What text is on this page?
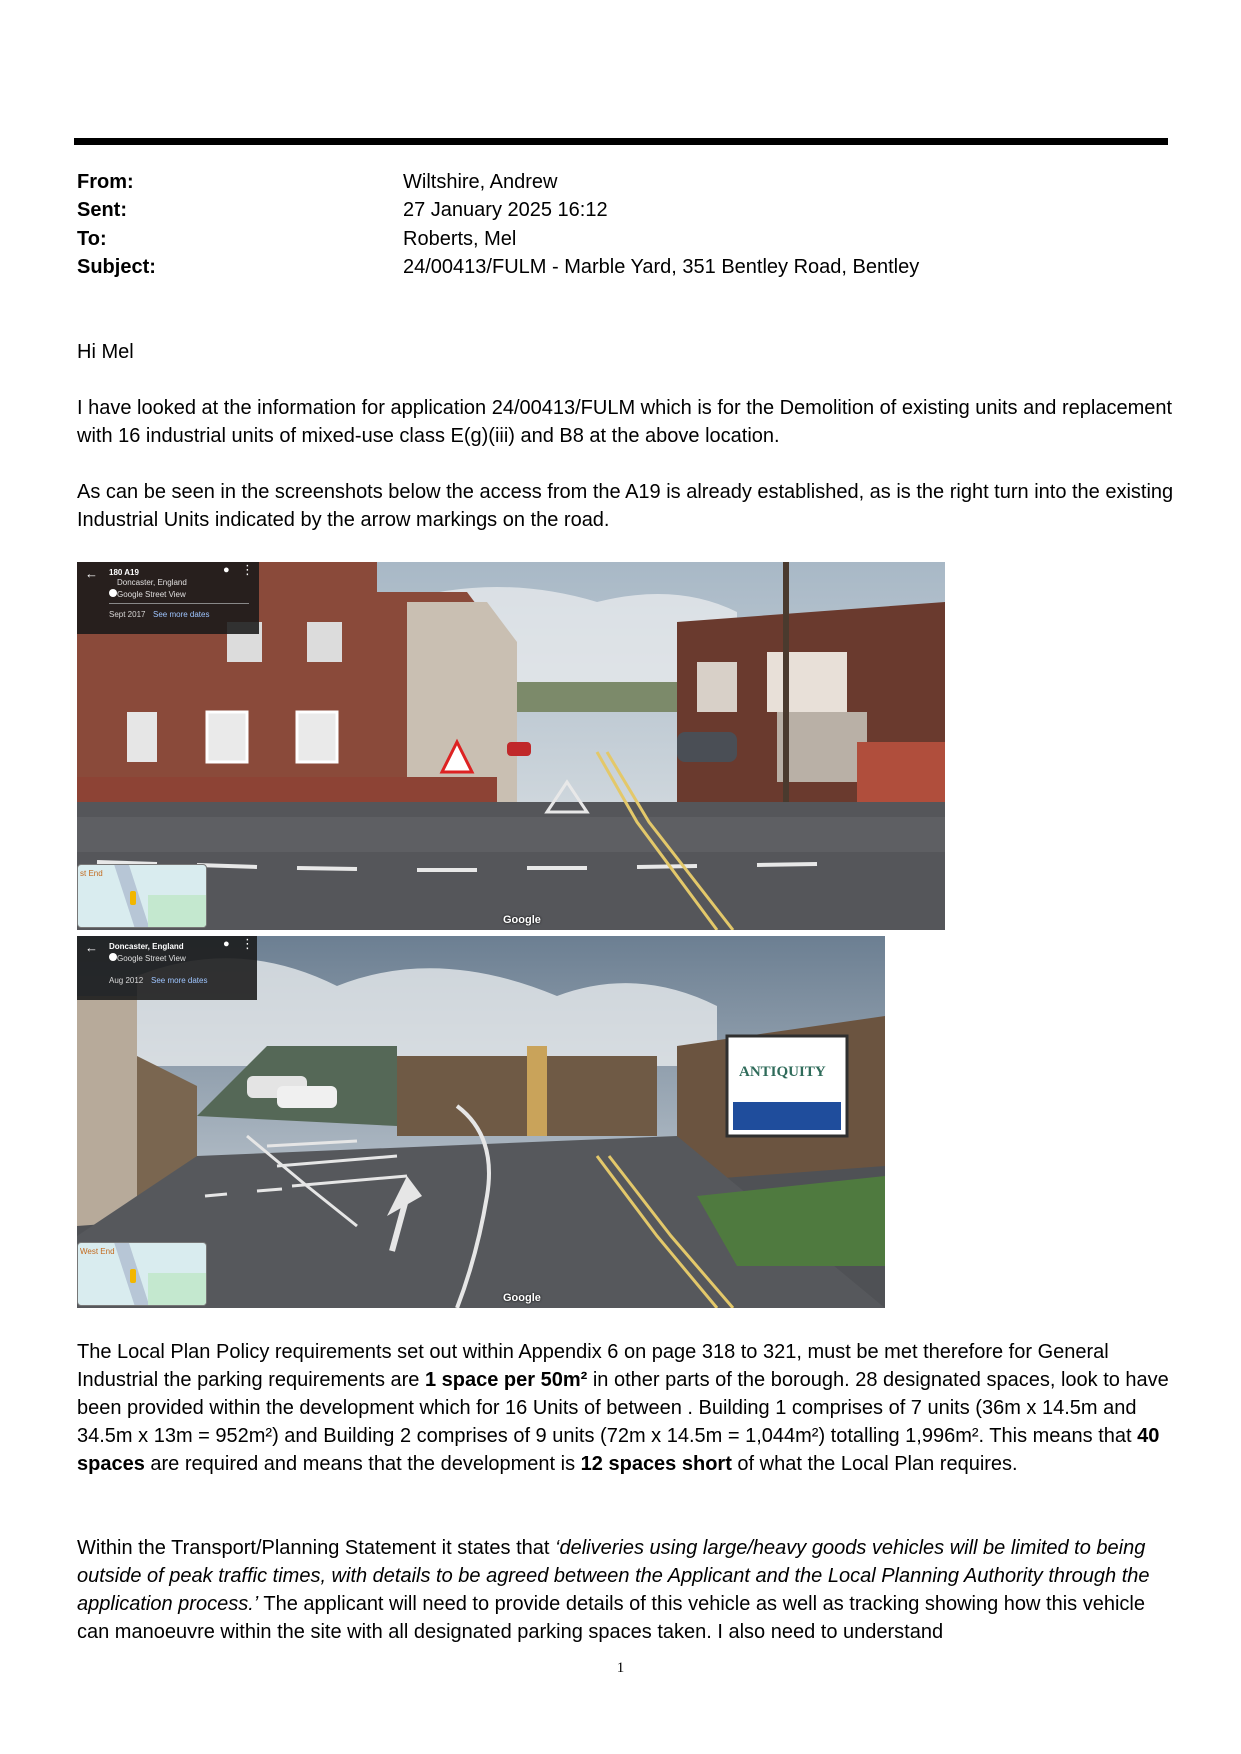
From:	Wiltshire, Andrew
Sent:	27 January 2025 16:12
To:	Roberts, Mel
Subject:	24/00413/FULM - Marble Yard, 351 Bentley Road, Bentley

Hi Mel

I have looked at the information for application 24/00413/FULM which is for the Demolition of existing units and replacement with 16 industrial units of mixed-use class E(g)(iii) and B8 at the above location.

As can be seen in the screenshots below the access from the A19 is already established, as is the right turn into the existing Industrial Units indicated by the arrow markings on the road.

← 180 A19
Doncaster, England
Google Street View
Sept 2017 See more dates
● ⋮
st End
Google
ANTIQUITY
← Doncaster, England
Google Street View
Aug 2012 See more dates
● ⋮
West End
Google

The Local Plan Policy requirements set out within Appendix 6 on page 318 to 321, must be met therefore for General Industrial the parking requirements are 1 space per 50m² in other parts of the borough. 28 designated spaces, look to have been provided within the development which for 16 Units of between . Building 1 comprises of 7 units (36m x 14.5m and 34.5m x 13m = 952m²) and Building 2 comprises of 9 units (72m x 14.5m = 1,044m²) totalling 1,996m². This means that 40 spaces are required and means that the development is 12 spaces short of what the Local Plan requires.

Within the Transport/Planning Statement it states that ‘deliveries using large/heavy goods vehicles will be limited to being outside of peak traffic times, with details to be agreed between the Applicant and the Local Planning Authority through the application process.’ The applicant will need to provide details of this vehicle as well as tracking showing how this vehicle can manoeuvre within the site with all designated parking spaces taken. I also need to understand

1
